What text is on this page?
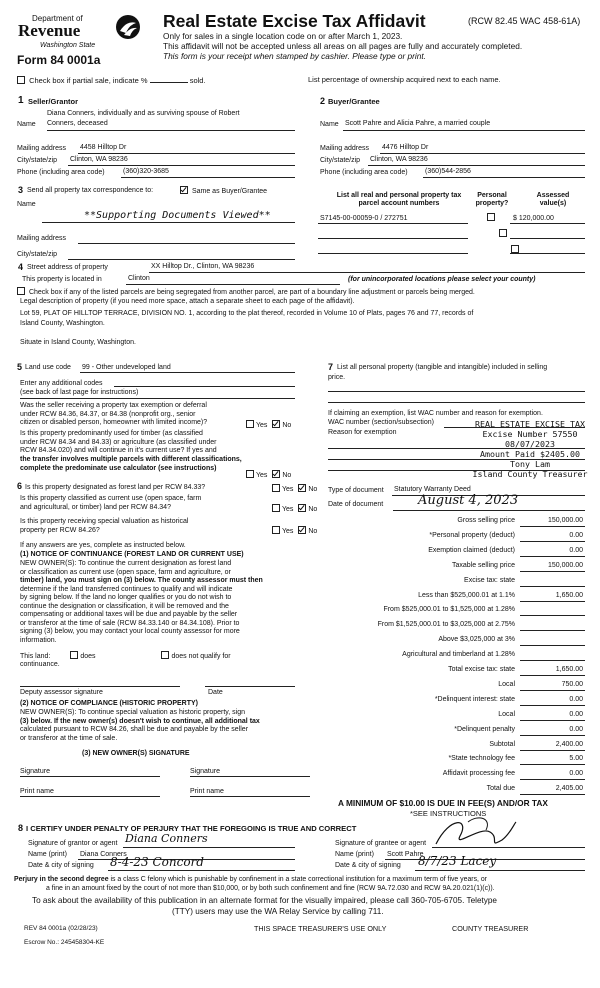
Department of
Revenue
Washington State
Form 84 0001a
Real Estate Excise Tax Affidavit	(RCW 82.45 WAC 458-61A)
Only for sales in a single location code on or after March 1, 2023.
This affidavit will not be accepted unless all areas on all pages are fully and accurately completed.
This form is your receipt when stamped by cashier. Please type or print.
Check box if partial sale, indicate %	sold.	List percentage of ownership acquired next to each name.
1 Seller/Grantor
Diana Conners, individually and as surviving spouse of Robert
Name Conners, deceased
Mailing address 4458 Hilltop Dr
City/state/zip Clinton, WA 98236
Phone (including area code)	(360)320-3685
2 Buyer/Grantee
Name Scott Pahre and Alicia Pahre, a married couple
Mailing address 4476 Hilltop Dr
City/state/zip Clinton, WA 98236
Phone (including area code) (360)544-2856
3 Send all property tax correspondence to:	Same as Buyer/Grantee
Name
**Supporting Documents Viewed**
Mailing address
City/state/zip
List all real and personal property tax
parcel account numbers
Personal
property?
Assessed
value(s)
S7145-00-00059-0 / 272751	$ 120,000.00

4 Street address of property	XX Hilltop Dr., Clinton, WA 98236
This property is located in	Clinton	(for unincorporated locations please select your county)
Check box if any of the listed parcels are being segregated from another parcel, are part of a boundary line adjustment or parcels being merged.
Legal description of property (if you need more space, attach a separate sheet to each page of the affidavit).
Lot 59, PLAT OF HILLTOP TERRACE, DIVISION NO. 1, according to the plat thereof, recorded in Volume 10 of Plats, pages 76 and 77, records of
Island County, Washington.
Situate in Island County, Washington.
5 Land use code 99 - Other undeveloped land
Enter any additional codes
(see back of last page for instructions)
Was the seller receiving a property tax exemption or deferral
under RCW 84.36, 84.37, or 84.38 (nonprofit org., senior
citizen or disabled person, homeowner with limited income)?	Yes No
Is this property predominantly used for timber (as classified
under RCW 84.34 and 84.33) or agriculture (as classified under
RCW 84.34.020) and will continue in it's current use? If yes and
the transfer involves multiple parcels with different classifications,
complete the predominate use calculator (see instructions)
Yes No
7 List all personal property (tangible and intangible) included in selling
price.
If claiming an exemption, list WAC number and reason for exemption.
WAC number (section/subsection)
Reason for exemption
REAL ESTATE EXCISE TAX
Excise Number 57550
08/07/2023
Amount Paid $2405.00
Tony Lam
Island County Treasurer
6 Is this property designated as forest land per RCW 84.33?	Yes No
Is this property classified as current use (open space, farm
and agricultural, or timber) land per RCW 84.34?	Yes No
Is this property receiving special valuation as historical
property per RCW 84.26?	Yes No
If any answers are yes, complete as instructed below.
(1) NOTICE OF CONTINUANCE (FOREST LAND OR CURRENT USE)
NEW OWNER(S): To continue the current designation as forest land
or classification as current use (open space, farm and agriculture, or
timber) land, you must sign on (3) below. The county assessor must then
determine if the land transferred continues to qualify and will indicate
by signing below. If the land no longer qualifies or you do not wish to
continue the designation or classification, it will be removed and the
compensating or additional taxes will be due and payable by the seller
or transferor at the time of sale (RCW 84.33.140 or 84.34.108). Prior to
signing (3) below, you may contact your local county assessor for more
information.
This land:	does	does not qualify for
continuance.
Deputy assessor signature	Date
(2) NOTICE OF COMPLIANCE (HISTORIC PROPERTY)
NEW OWNER(S): To continue special valuation as historic property, sign
(3) below. If the new owner(s) doesn't wish to continue, all additional tax
calculated pursuant to RCW 84.26, shall be due and payable by the seller
or transferor at the time of sale.
(3) NEW OWNER(S) SIGNATURE
Signature	Signature
Print name	Print name
Type of document Statutory Warranty Deed
Date of document	August 4, 2023
Gross selling price	150,000.00
*Personal property (deduct)	0.00
Exemption claimed (deduct)	0.00
Taxable selling price	150,000.00
Excise tax: state
Less than $525,000.01 at 1.1%	1,650.00
From $525,000.01 to $1,525,000 at 1.28%
From $1,525,000.01 to $3,025,000 at 2.75%
Above $3,025,000 at 3%
Agricultural and timberland at 1.28%
Total excise tax: state	1,650.00
Local	750.00
*Delinquent interest: state	0.00
Local	0.00
*Delinquent penalty	0.00
Subtotal	2,400.00
*State technology fee	5.00
Affidavit processing fee	0.00
Total due	2,405.00
A MINIMUM OF $10.00 IS DUE IN FEE(S) AND/OR TAX
*SEE INSTRUCTIONS
8 I CERTIFY UNDER PENALTY OF PERJURY THAT THE FOREGOING IS TRUE AND CORRECT
Signature of grantor or agent Diana Conners
Name (print) Diana Conners
Date & city of signing 8-4-23 Concord
Signature of grantee or agent
Name (print) Scott Pahre
Date & city of signing 8/7/23 Lacey
Perjury in the second degree is a class C felony which is punishable by confinement in a state correctional institution for a maximum term of five years, or
a fine in an amount fixed by the court of not more than $10,000, or by both such confinement and fine (RCW 9A.72.030 and RCW 9A.20.021(1)(c)).
To ask about the availability of this publication in an alternate format for the visually impaired, please call 360-705-6705. Teletype
(TTY) users may use the WA Relay Service by calling 711.
REV 84 0001a (02/28/23)	THIS SPACE TREASURER'S USE ONLY	COUNTY TREASURER
Escrow No.: 245458304-KE
